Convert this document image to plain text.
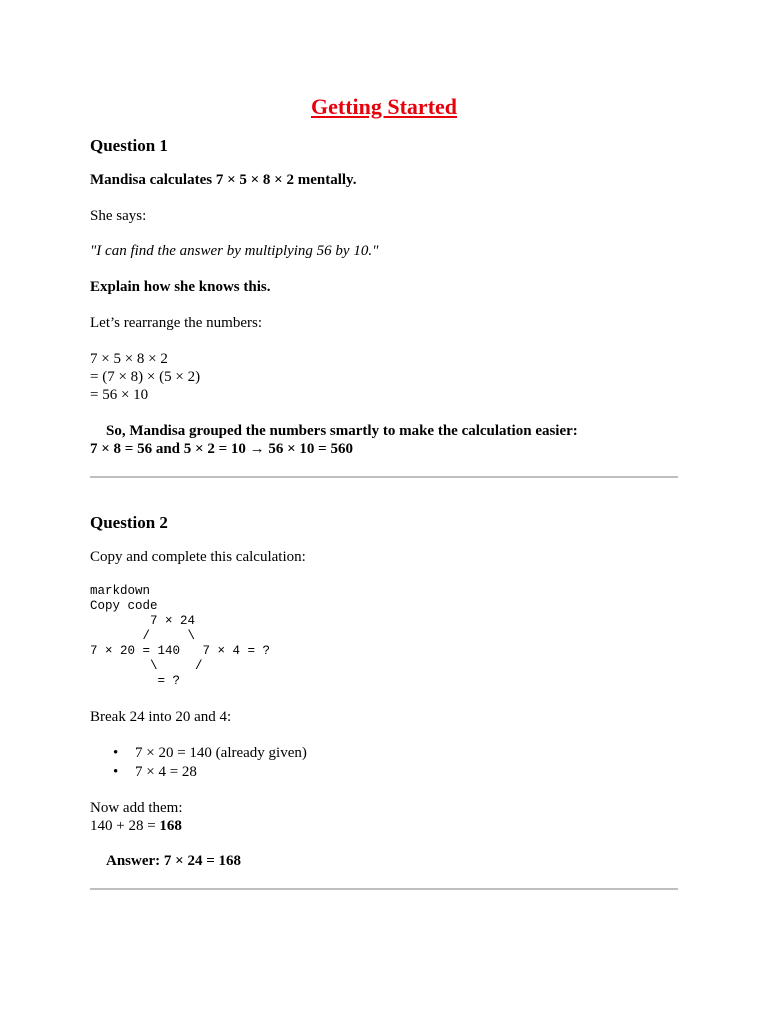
Getting Started
Question 1

Mandisa calculates 7 × 5 × 8 × 2 mentally.

She says:

"I can find the answer by multiplying 56 by 10."

Explain how she knows this.

Let’s rearrange the numbers:

7 × 5 × 8 × 2

= (7 × 8) × (5 × 2)

= 56 × 10

So, Mandisa grouped the numbers smartly to make the calculation easier:

7 × 8 = 56 and 5 × 2 = 10 → 56 × 10 = 560

Question 2

Copy and complete this calculation:

markdown
Copy code
7 × 24
/     \
7 × 20 = 140   7 × 4 = ?
\     /
= ?

Break 24 into 20 and 4:

• 7 × 20 = 140 (already given)
• 7 × 4 = 28

Now add them:

140 + 28 = 168

Answer: 7 × 24 = 168
